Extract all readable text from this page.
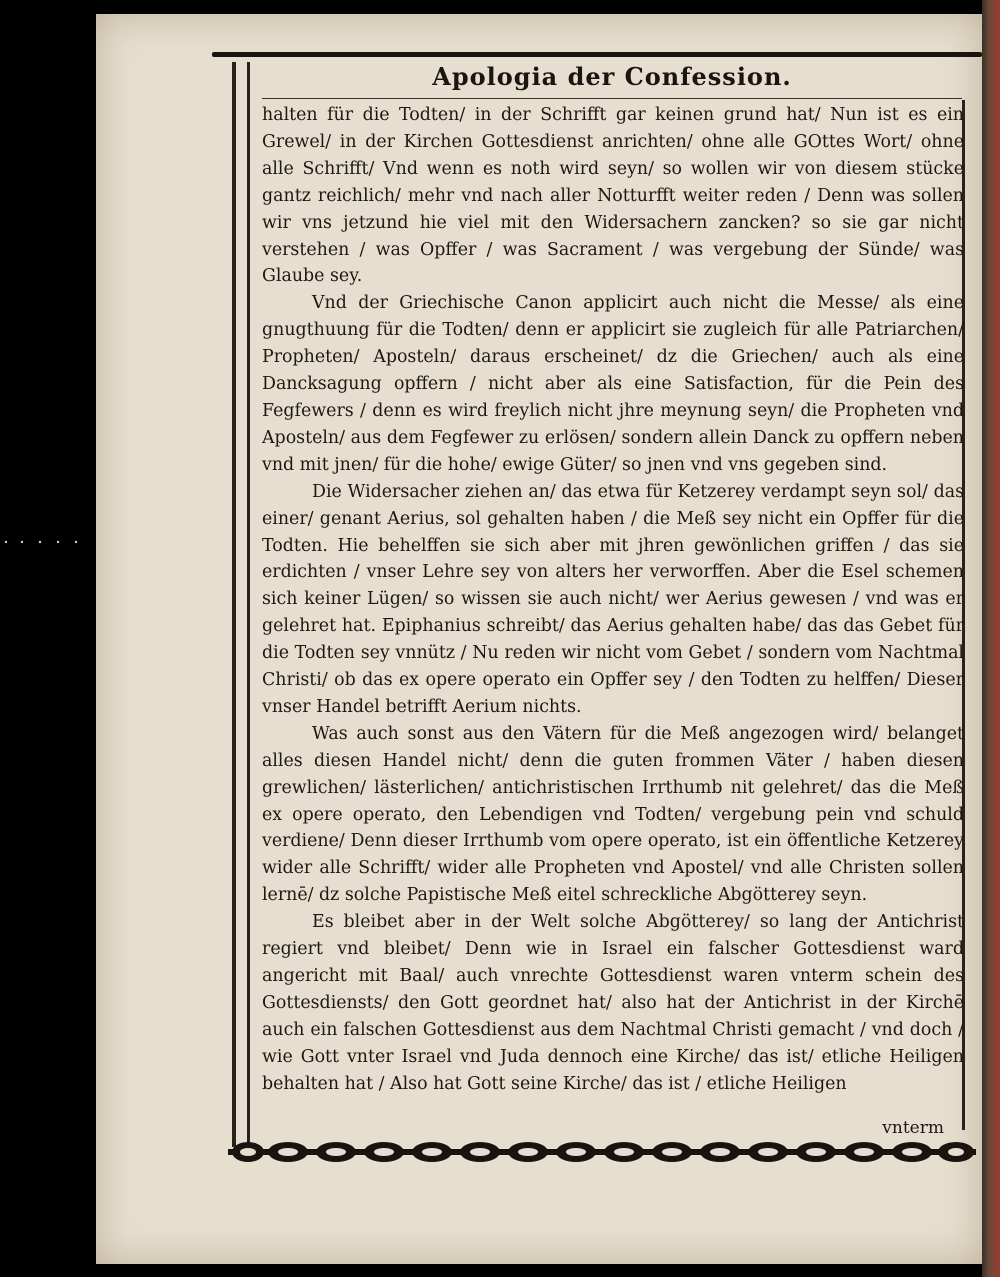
Apologia der Confession.

halten für die Todten/ in der Schrifft gar keinen grund hat/ Nun ist es ein Grewel/ in der Kirchen Gottesdienst anrichten/ ohne alle GOttes Wort/ ohne alle Schrifft/ Vnd wenn es noth wird seyn/ so wollen wir von diesem stücke gantz reichlich/ mehr vnd nach aller Notturfft weiter reden / Denn was sollen wir vns jetzund hie viel mit den Widersachern zancken? so sie gar nicht verstehen / was Opffer / was Sacrament / was vergebung der Sünde/ was Glaube sey.

Vnd der Griechische Canon applicirt auch nicht die Messe/ als eine gnugthuung für die Todten/ denn er applicirt sie zugleich für alle Patriarchen/ Propheten/ Aposteln/ daraus erscheinet/ dz die Griechen/ auch als eine Dancksagung opffern / nicht aber als eine Satisfaction, für die Pein des Fegfewers / denn es wird freylich nicht jhre meynung seyn/ die Propheten vnd Aposteln/ aus dem Fegfewer zu erlösen/ sondern allein Danck zu opffern neben vnd mit jnen/ für die hohe/ ewige Güter/ so jnen vnd vns gegeben sind.

Die Widersacher ziehen an/ das etwa für Ketzerey verdampt seyn sol/ das einer/ genant Aerius, sol gehalten haben / die Meß sey nicht ein Opffer für die Todten. Hie behelffen sie sich aber mit jhren gewönlichen griffen / das sie erdichten / vnser Lehre sey von alters her verworffen. Aber die Esel schemen sich keiner Lügen/ so wissen sie auch nicht/ wer Aerius gewesen / vnd was er gelehret hat. Epiphanius schreibt/ das Aerius gehalten habe/ das das Gebet für die Todten sey vnnütz / Nu reden wir nicht vom Gebet / sondern vom Nachtmal Christi/ ob das ex opere operato ein Opffer sey / den Todten zu helffen/ Dieser vnser Handel betrifft Aerium nichts.

Was auch sonst aus den Vätern für die Meß angezogen wird/ belanget alles diesen Handel nicht/ denn die guten frommen Väter / haben diesen grewlichen/ lästerlichen/ antichristischen Irrthumb nit gelehret/ das die Meß ex opere operato, den Lebendigen vnd Todten/ vergebung pein vnd schuld verdiene/ Denn dieser Irrthumb vom opere operato, ist ein öffentliche Ketzerey wider alle Schrifft/ wider alle Propheten vnd Apostel/ vnd alle Christen sollen lernē/ dz solche Papistische Meß eitel schreckliche Abgötterey seyn.

Es bleibet aber in der Welt solche Abgötterey/ so lang der Antichrist regiert vnd bleibet/ Denn wie in Israel ein falscher Gottesdienst ward angericht mit Baal/ auch vnrechte Gottesdienst waren vnterm schein des Gottesdiensts/ den Gott geordnet hat/ also hat der Antichrist in der Kirchē auch ein falschen Gottesdienst aus dem Nachtmal Christi gemacht / vnd doch / wie Gott vnter Israel vnd Juda dennoch eine Kirche/ das ist/ etliche Heiligen behalten hat / Also hat Gott seine Kirche/ das ist / etliche Heiligen

vnterm
